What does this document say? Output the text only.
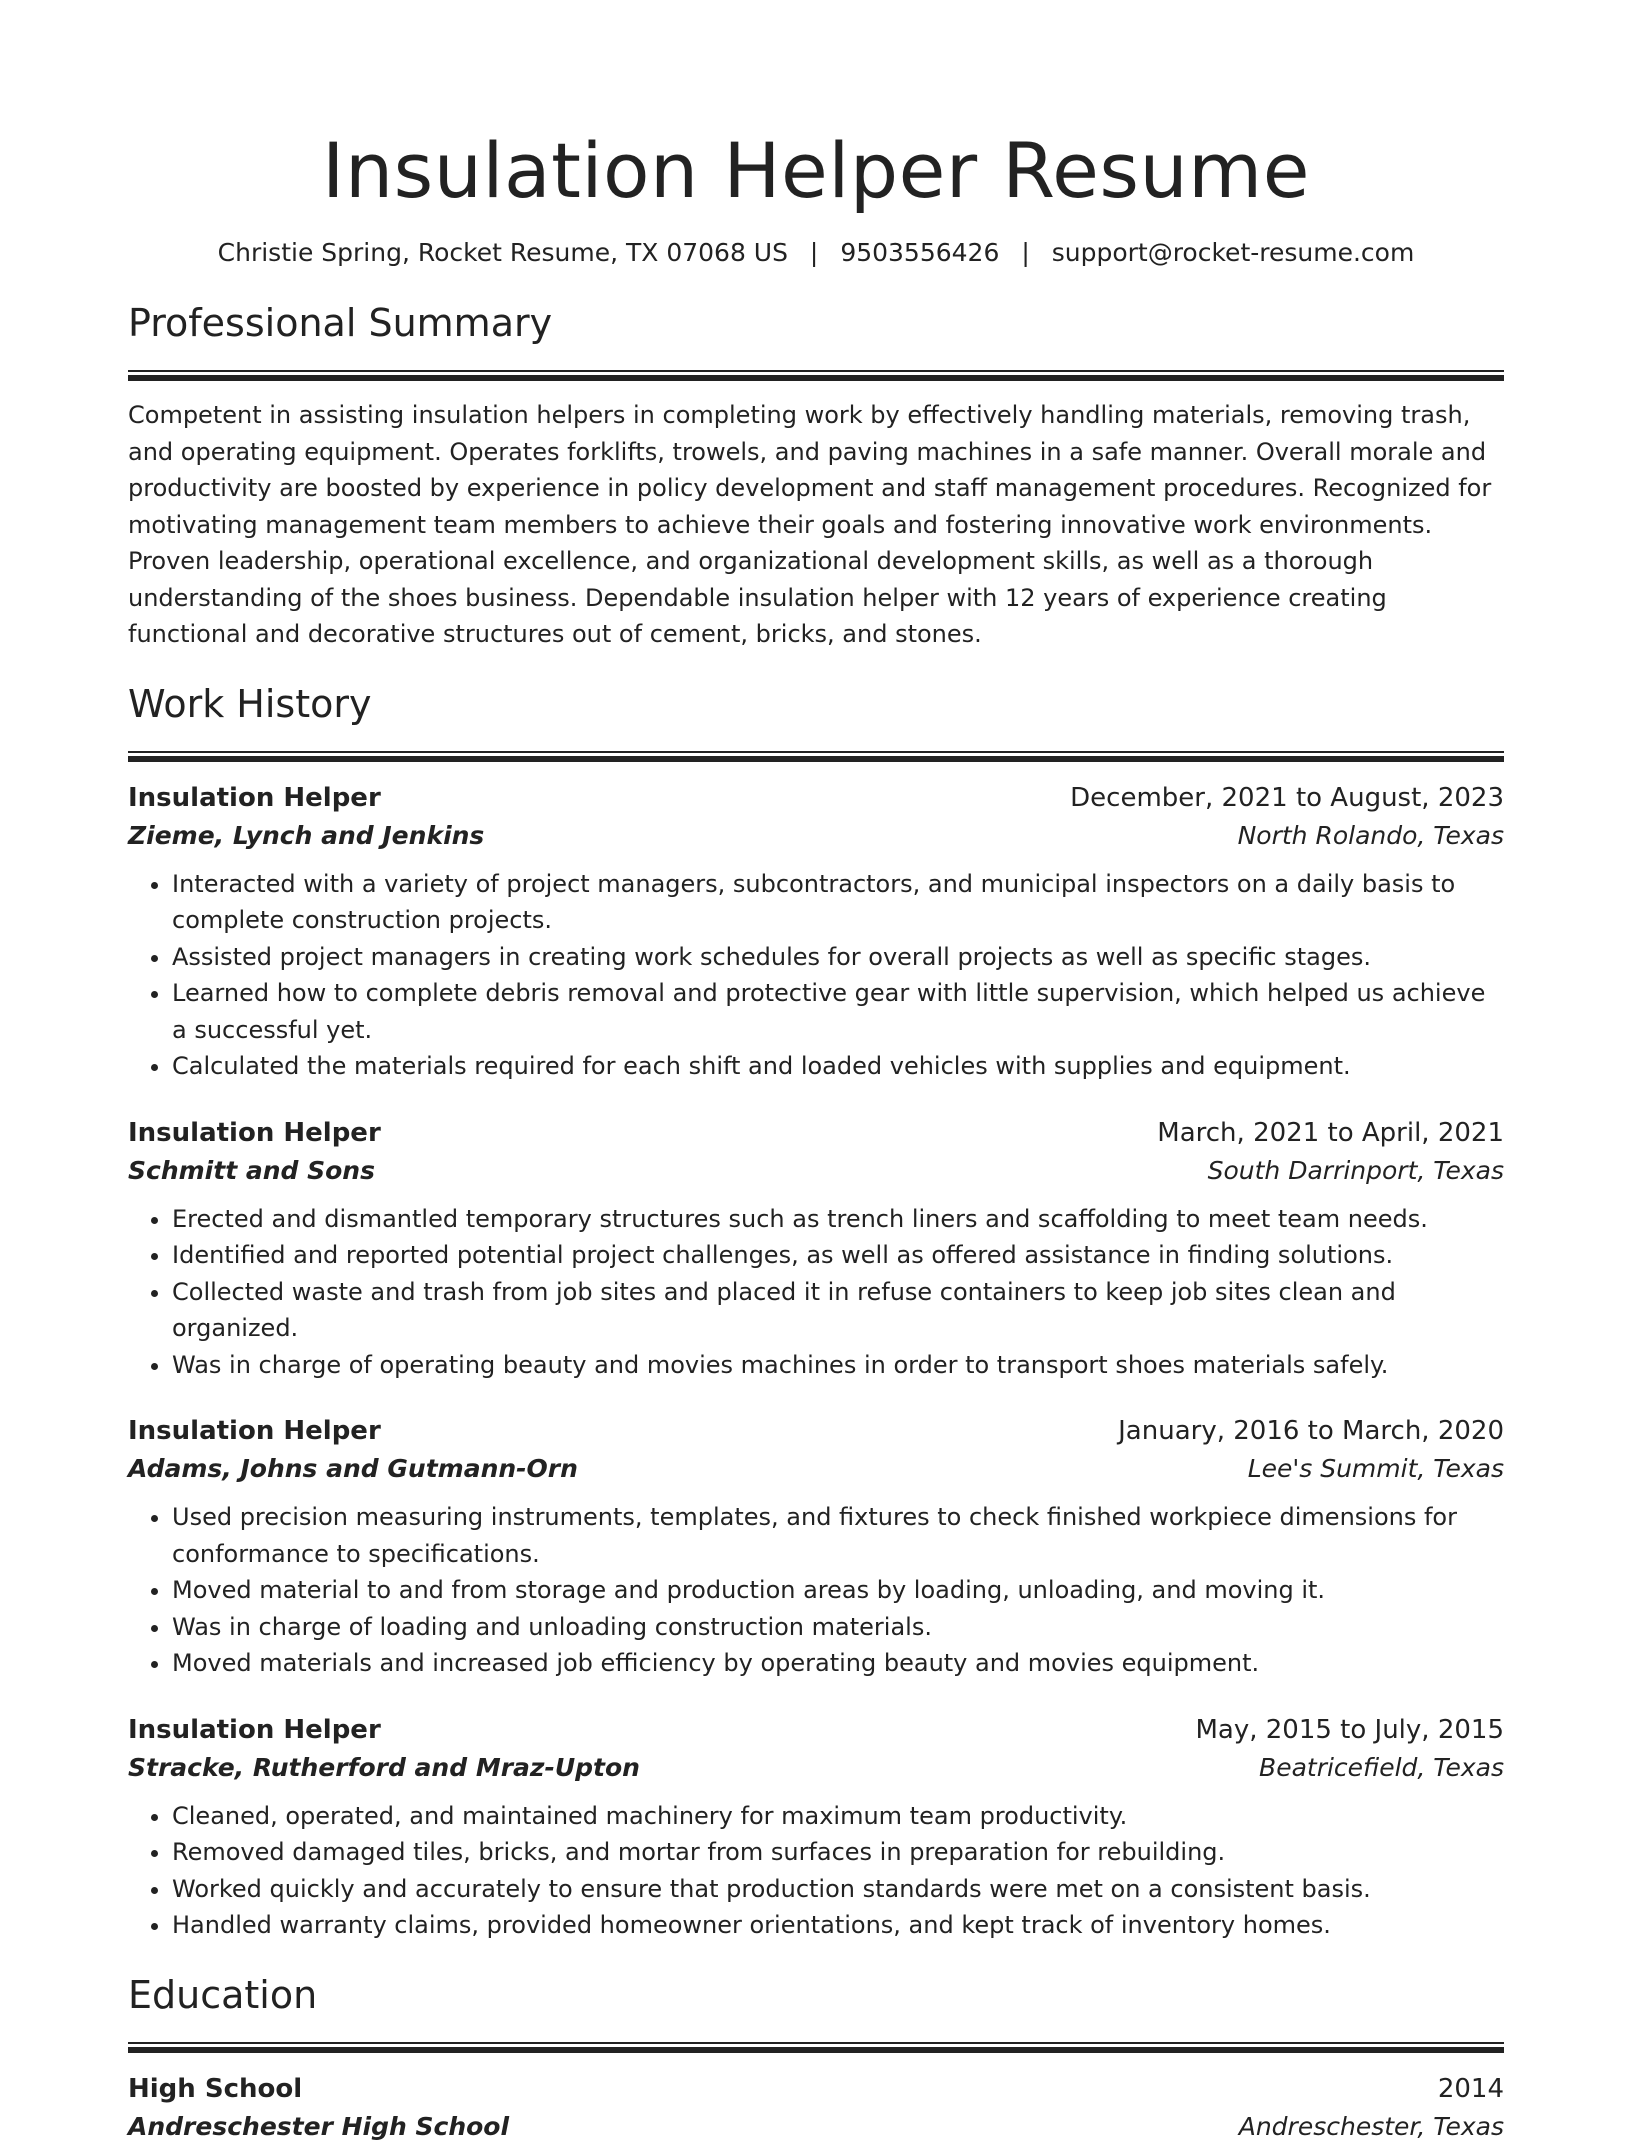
Insulation Helper Resume
Christie Spring, Rocket Resume, TX 07068 US | 9503556426 | support@rocket-resume.com
Professional Summary

Competent in assisting insulation helpers in completing work by effectively handling materials, removing trash, and operating equipment. Operates forklifts, trowels, and paving machines in a safe manner. Overall morale and productivity are boosted by experience in policy development and staff management procedures. Recognized for motivating management team members to achieve their goals and fostering innovative work environments. Proven leadership, operational excellence, and organizational development skills, as well as a thorough understanding of the shoes business. Dependable insulation helper with 12 years of experience creating functional and decorative structures out of cement, bricks, and stones.

Work History
Insulation Helper	December, 2021 to August, 2023
Zieme, Lynch and Jenkins	North Rolando, Texas
• Interacted with a variety of project managers, subcontractors, and municipal inspectors on a daily basis to complete construction projects.
• Assisted project managers in creating work schedules for overall projects as well as specific stages.
• Learned how to complete debris removal and protective gear with little supervision, which helped us achieve a successful yet.
• Calculated the materials required for each shift and loaded vehicles with supplies and equipment.
Insulation Helper	March, 2021 to April, 2021
Schmitt and Sons	South Darrinport, Texas
• Erected and dismantled temporary structures such as trench liners and scaffolding to meet team needs.
• Identified and reported potential project challenges, as well as offered assistance in finding solutions.
• Collected waste and trash from job sites and placed it in refuse containers to keep job sites clean and organized.
• Was in charge of operating beauty and movies machines in order to transport shoes materials safely.
Insulation Helper	January, 2016 to March, 2020
Adams, Johns and Gutmann-Orn	Lee's Summit, Texas
• Used precision measuring instruments, templates, and fixtures to check finished workpiece dimensions for conformance to specifications.
• Moved material to and from storage and production areas by loading, unloading, and moving it.
• Was in charge of loading and unloading construction materials.
• Moved materials and increased job efficiency by operating beauty and movies equipment.
Insulation Helper	May, 2015 to July, 2015
Stracke, Rutherford and Mraz-Upton	Beatricefield, Texas
• Cleaned, operated, and maintained machinery for maximum team productivity.
• Removed damaged tiles, bricks, and mortar from surfaces in preparation for rebuilding.
• Worked quickly and accurately to ensure that production standards were met on a consistent basis.
• Handled warranty claims, provided homeowner orientations, and kept track of inventory homes.
Education
High School	2014
Andreschester High School	Andreschester, Texas
